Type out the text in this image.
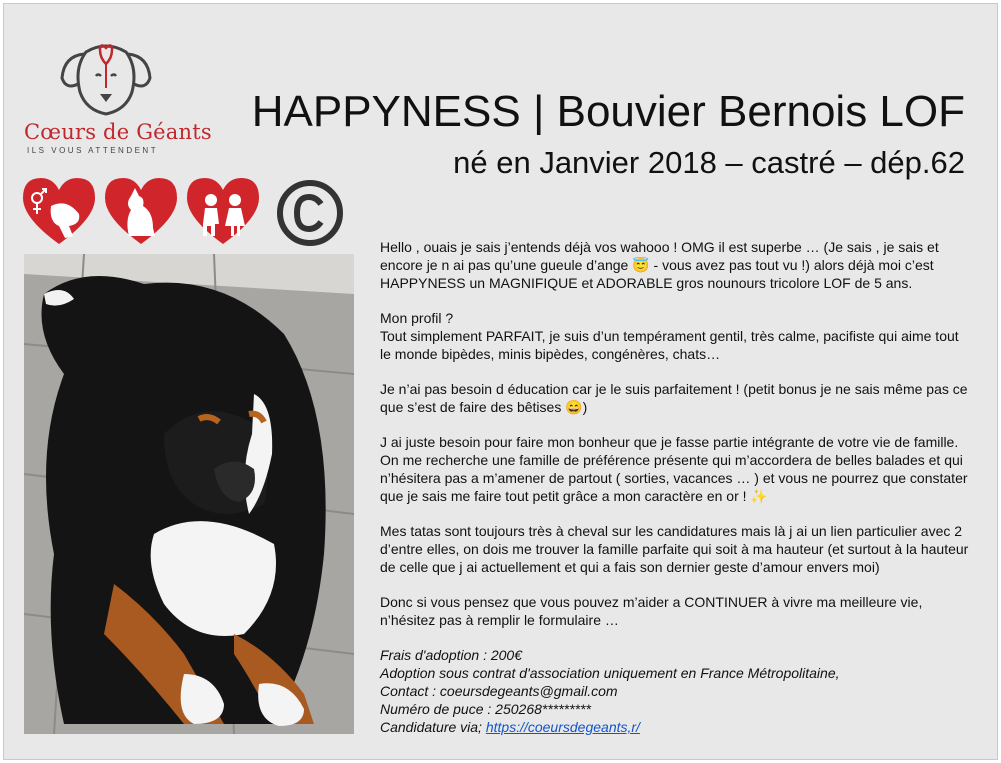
Cœurs de Géants
ILS VOUS ATTENDENT
HAPPYNESS | Bouvier Bernois LOF
né en Janvier 2018 – castré – dép.62

Hello , ouais je sais j’entends déjà vos wahooo ! OMG il est superbe … (Je sais , je sais et encore je n ai pas qu’une gueule d’ange 😇 - vous avez pas tout vu !) alors déjà moi c’est HAPPYNESS un MAGNIFIQUE et ADORABLE gros nounours tricolore LOF de 5 ans.

Mon profil ?
Tout simplement PARFAIT, je suis d’un tempérament gentil, très calme, pacifiste qui aime tout le monde bipèdes, minis bipèdes, congénères, chats…

Je n’ai pas besoin d éducation car je le suis parfaitement ! (petit bonus je ne sais même pas ce que s’est de faire des bêtises 😄)

J ai juste besoin pour faire mon bonheur que je fasse partie intégrante de votre vie de famille. On me recherche une famille de préférence présente qui m’accordera de belles balades et qui n’hésitera pas a m’amener de partout ( sorties, vacances … ) et vous ne pourrez que constater que je sais me faire tout petit grâce a mon caractère en or ! ✨

Mes tatas sont toujours très à cheval sur les candidatures mais là j ai un lien particulier avec 2 d’entre elles, on dois me trouver la famille parfaite qui soit à ma hauteur (et surtout à la hauteur de celle que j ai actuellement et qui a fais son dernier geste d’amour envers moi)

Donc si vous pensez que vous pouvez m’aider a CONTINUER à vivre ma meilleure vie, n’hésitez pas à remplir le formulaire …

Frais d'adoption : 200€
Adoption sous contrat d'association uniquement en France Métropolitaine,
Contact : coeursdegeants@gmail.com
Numéro de puce : 250268*********
Candidature via; https://coeursdegeants,r/
